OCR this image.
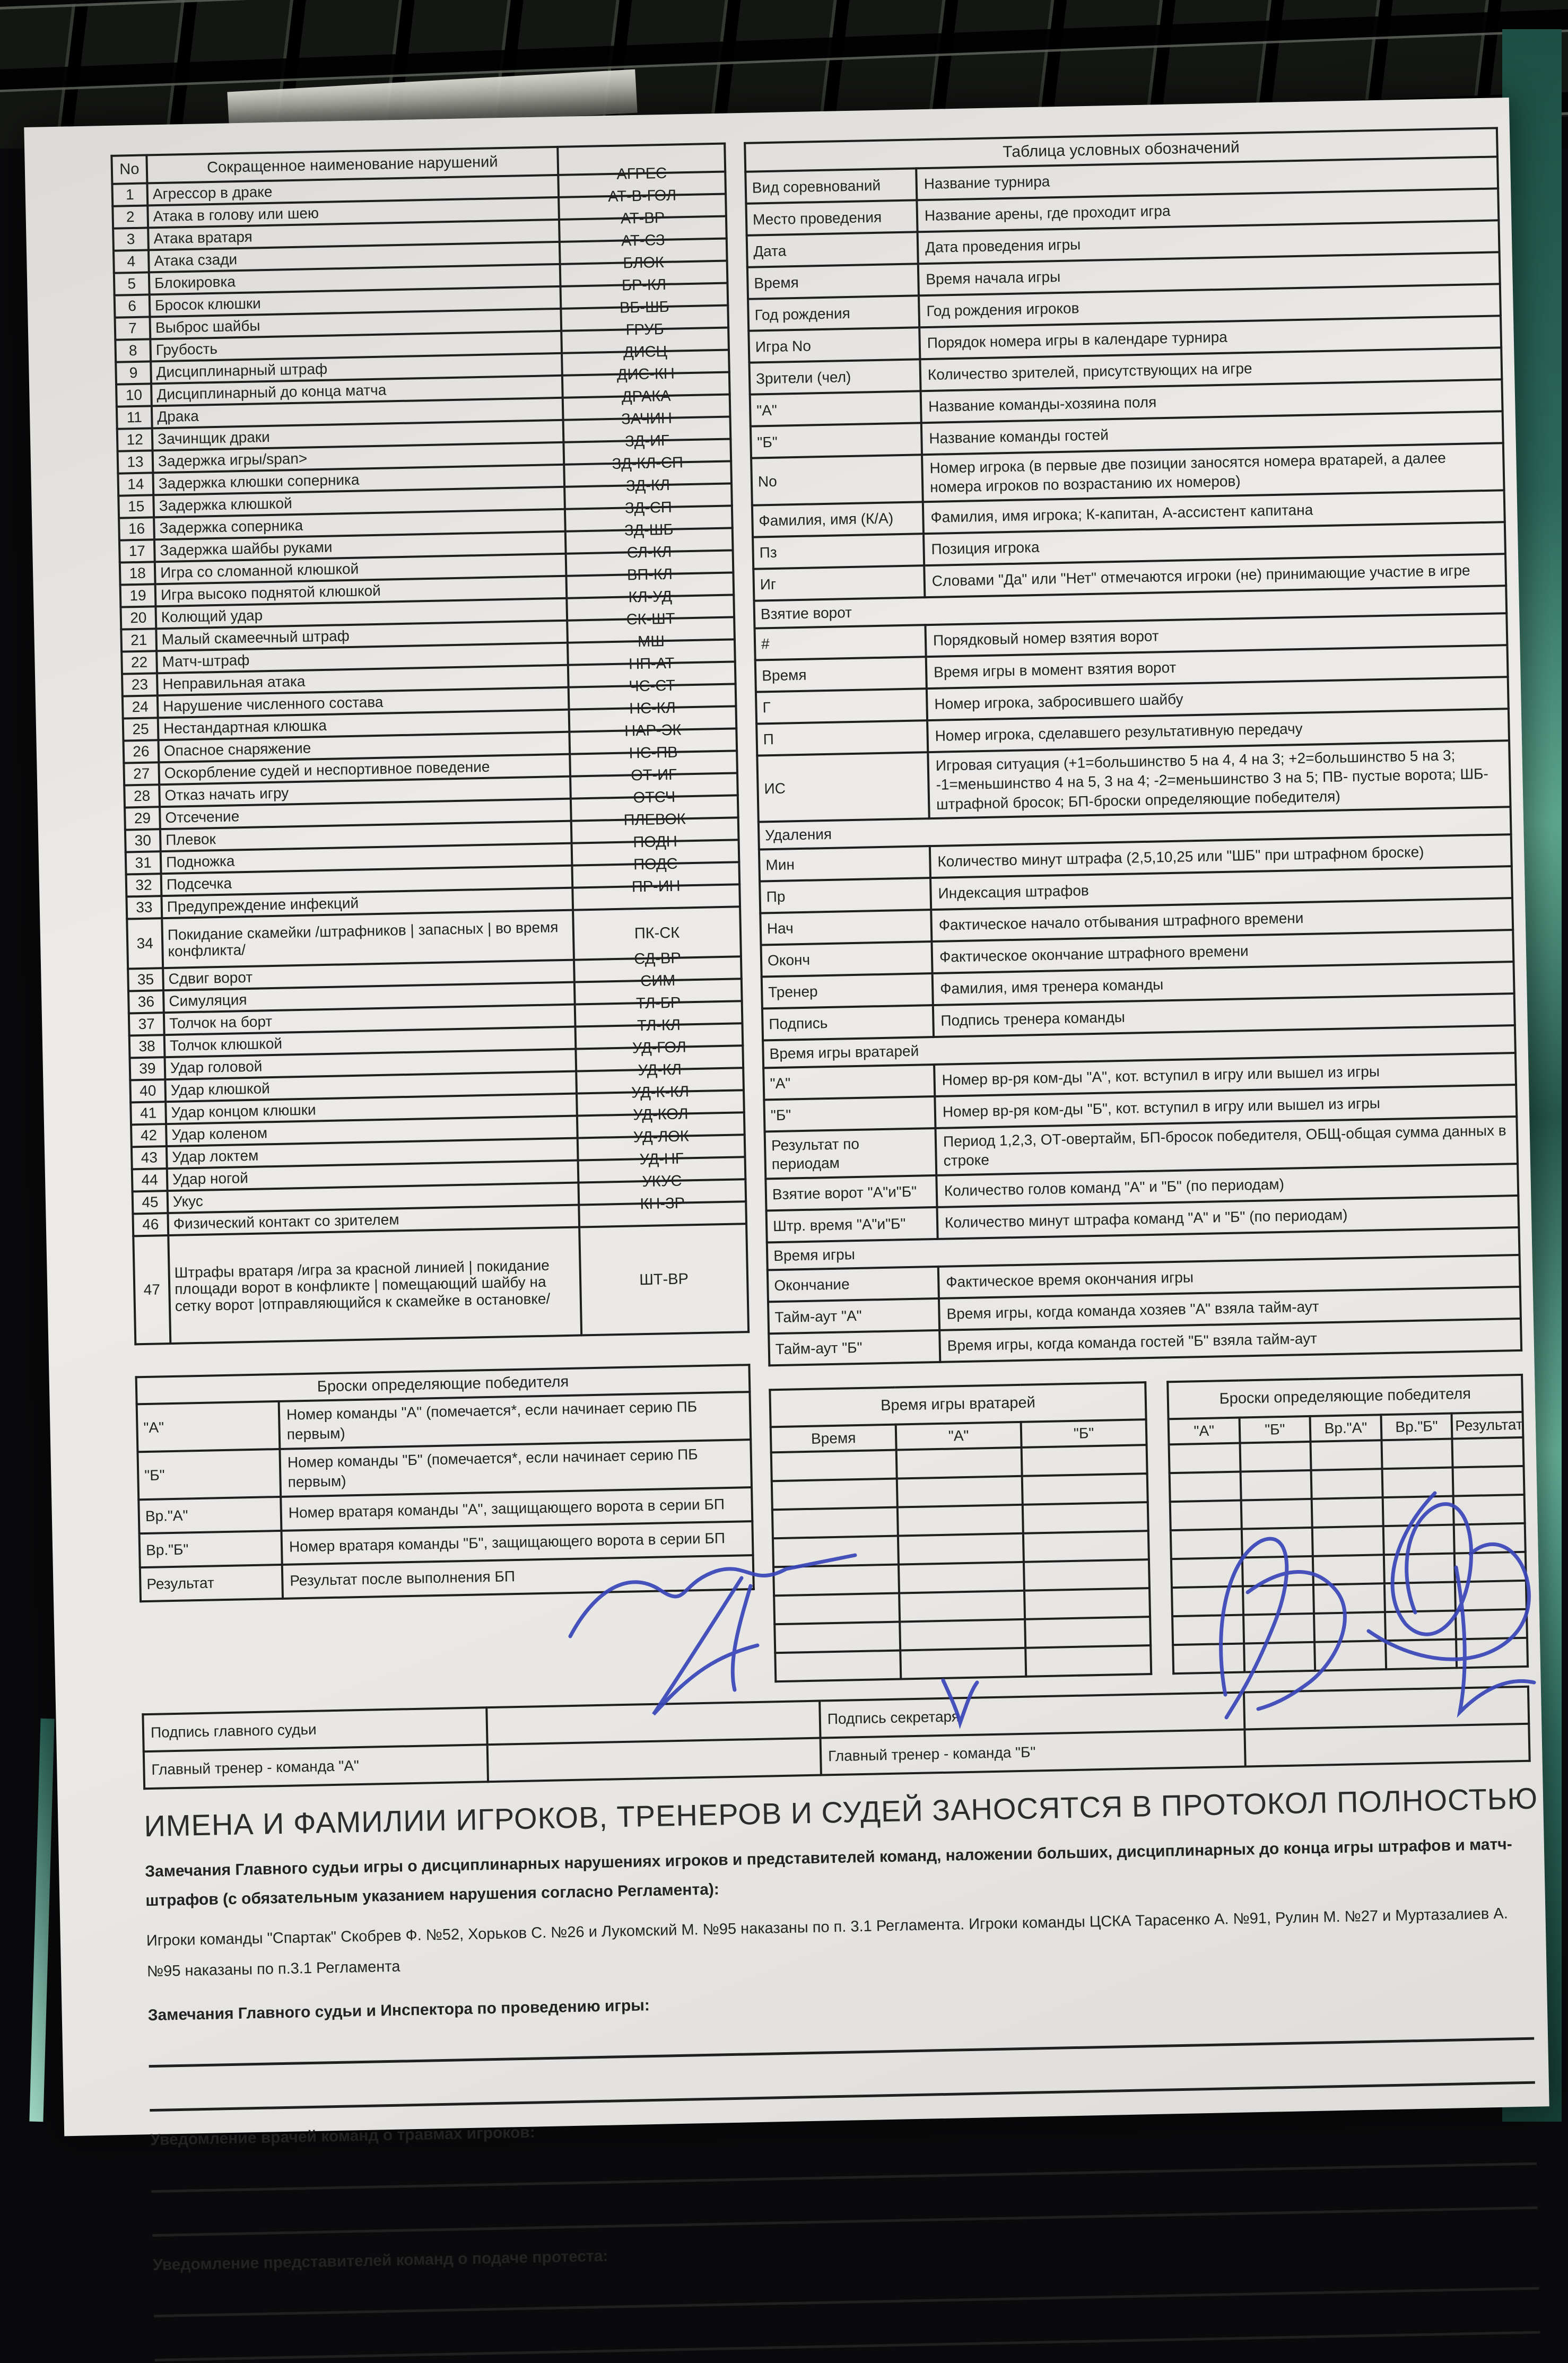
No	Сокращенное наименование нарушений	
1	Агрессор в драке	АГРЕС

2	Атака в голову или шею	АТ-В-ГОЛ

3	Атака вратаря	АТ-ВР

4	Атака сзади	АТ-СЗ

5	Блокировка	БЛОК

6	Бросок клюшки	БР-КЛ

7	Выброс шайбы	ВБ-ШБ

8	Грубость	ГРУБ

9	Дисциплинарный штраф	ДИСЦ

10	Дисциплинарный до конца матча	ДИС-КН

11	Драка	ДРАКА

12	Зачинщик драки	ЗАЧИН

13	Задержка игры/span>	ЗД-ИГ

14	Задержка клюшки соперника	ЗД-КЛ-СП

15	Задержка клюшкой	ЗД-КЛ

16	Задержка соперника	ЗД-СП

17	Задержка шайбы руками	ЗД-ШБ

18	Игра со сломанной клюшкой	СЛ-КЛ

19	Игра высоко поднятой клюшкой	ВП-КЛ

20	Колющий удар	КЛ-УД

21	Малый скамеечный штраф	СК-ШТ

22	Матч-штраф	МШ

23	Неправильная атака	НП-АТ

24	Нарушение численного состава	ЧС-СТ

25	Нестандартная клюшка	НС-КЛ

26	Опасное снаряжение	НАР-ЭК

27	Оскорбление судей и неспортивное поведение	НС-ПВ

28	Отказ начать игру	ОТ-ИГ

29	Отсечение	ОТСЧ

30	Плевок	ПЛЕВОК

31	Подножка	ПОДН

32	Подсечка	ПОДС

33	Предупреждение инфекций	ПР-ИН

34	Покидание скамейки /штрафников | запасных | во время конфликта/	ПК-СК

35	Сдвиг ворот	СД-ВР

36	Симуляция	СИМ

37	Толчок на борт	ТЛ-БР

38	Толчок клюшкой	ТЛ-КЛ

39	Удар головой	УД-ГОЛ

40	Удар клюшкой	УД-КЛ

41	Удар концом клюшки	УД-К-КЛ

42	Удар коленом	УД-КОЛ

43	Удар локтем	УД-ЛОК

44	Удар ногой	УД-НГ

45	Укус	УКУС

46	Физический контакт со зрителем	КН-ЗР

47	Штрафы вратаря /игра за красной линией | покидание площади ворот в конфликте | помещающий шайбу на сетку ворот |отправляющийся к скамейке в остановке/	ШТ-ВР
Броски определяющие победителя	
"А"	Номер команды "А" (помечается*, если начинает серию ПБ первым)
"Б"	Номер команды "Б" (помечается*, если начинает серию ПБ первым)
Вр."А"	Номер вратаря команды "А", защищающего ворота в серии БП
Вр."Б"	Номер вратаря команды "Б", защищающего ворота в серии БП
Результат	Результат после выполнения БП
Таблица условных обозначений	
Вид соревнований	Название турнира
Место проведения	Название арены, где проходит игра
Дата	Дата проведения игры
Время	Время начала игры
Год рождения	Год рождения игроков
Игра No	Порядок номера игры в календаре турнира
Зрители (чел)	Количество зрителей, присутствующих на игре
"А"	Название команды-хозяина поля
"Б"	Название команды гостей
No	Номер игрока (в первые две позиции заносятся номера вратарей, а далее номера игроков по возрастанию их номеров)
Фамилия, имя (К/А)	Фамилия, имя игрока; К-капитан, А-ассистент капитана
Пз	Позиция игрока
Иг	Словами "Да" или "Нет" отмечаются игроки (не) принимающие участие в игре
Взятие ворот	
#	Порядковый номер взятия ворот
Время	Время игры в момент взятия ворот
Г	Номер игрока, забросившего шайбу
П	Номер игрока, сделавшего результативную передачу
ИС	Игровая ситуация (+1=большинство 5 на 4, 4 на 3; +2=большинство 5 на 3; -1=меньшинство 4 на 5, 3 на 4; -2=меньшинство 3 на 5; ПВ- пустые ворота; ШБ-штрафной бросок; БП-броски определяющие победителя)
Удаления	
Мин	Количество минут штрафа (2,5,10,25 или "ШБ" при штрафном броске)
Пр	Индексация штрафов
Нач	Фактическое начало отбывания штрафного времени
Оконч	Фактическое окончание штрафного времени
Тренер	Фамилия, имя тренера команды
Подпись	Подпись тренера команды
Время игры вратарей	
"А"	Номер вр-ря ком-ды "А", кот. вступил в игру или вышел из игры
"Б"	Номер вр-ря ком-ды "Б", кот. вступил в игру или вышел из игры
Результат по периодам	Период 1,2,3, ОТ-овертайм, БП-бросок победителя, ОБЩ-общая сумма данных в строке
Взятие ворот "А"и"Б"	Количество голов команд "А" и "Б" (по периодам)
Штр. время "А"и"Б"	Количество минут штрафа команд "А" и "Б" (по периодам)
Время игры	
Окончание	Фактическое время окончания игры
Тайм-аут "А"	Время игры, когда команда хозяев "А" взяла тайм-аут
Тайм-аут "Б"	Время игры, когда команда гостей "Б" взяла тайм-аут
Время игры вратарей		
Время	"А"	"Б"

Броски определяющие победителя				
"А"	"Б"	Вр."А"	Вр."Б"	Результат

Подпись главного судьи		Подпись секретаря	
Главный тренер - команда "А"		Главный тренер - команда "Б"	
ИМЕНА И ФАМИЛИИ ИГРОКОВ, ТРЕНЕРОВ И СУДЕЙ ЗАНОСЯТСЯ В ПРОТОКОЛ ПОЛНОСТЬЮ
Замечания Главного судьи игры о дисциплинарных нарушениях игроков и представителей команд, наложении больших, дисциплинарных до конца игры штрафов и матч-штрафов (с обязательным указанием нарушения согласно Регламента):
Игроки команды "Спартак" Скобрев Ф. №52, Хорьков С. №26 и Лукомский М. №95 наказаны по п. 3.1 Регламента. Игроки команды ЦСКА Тарасенко А. №91, Рулин М. №27 и Муртазалиев А. №95 наказаны по п.3.1 Регламента
Замечания Главного судьи и Инспектора по проведению игры:
Уведомление врачей команд о травмах игроков:
Уведомление представителей команд о подаче протеста:
